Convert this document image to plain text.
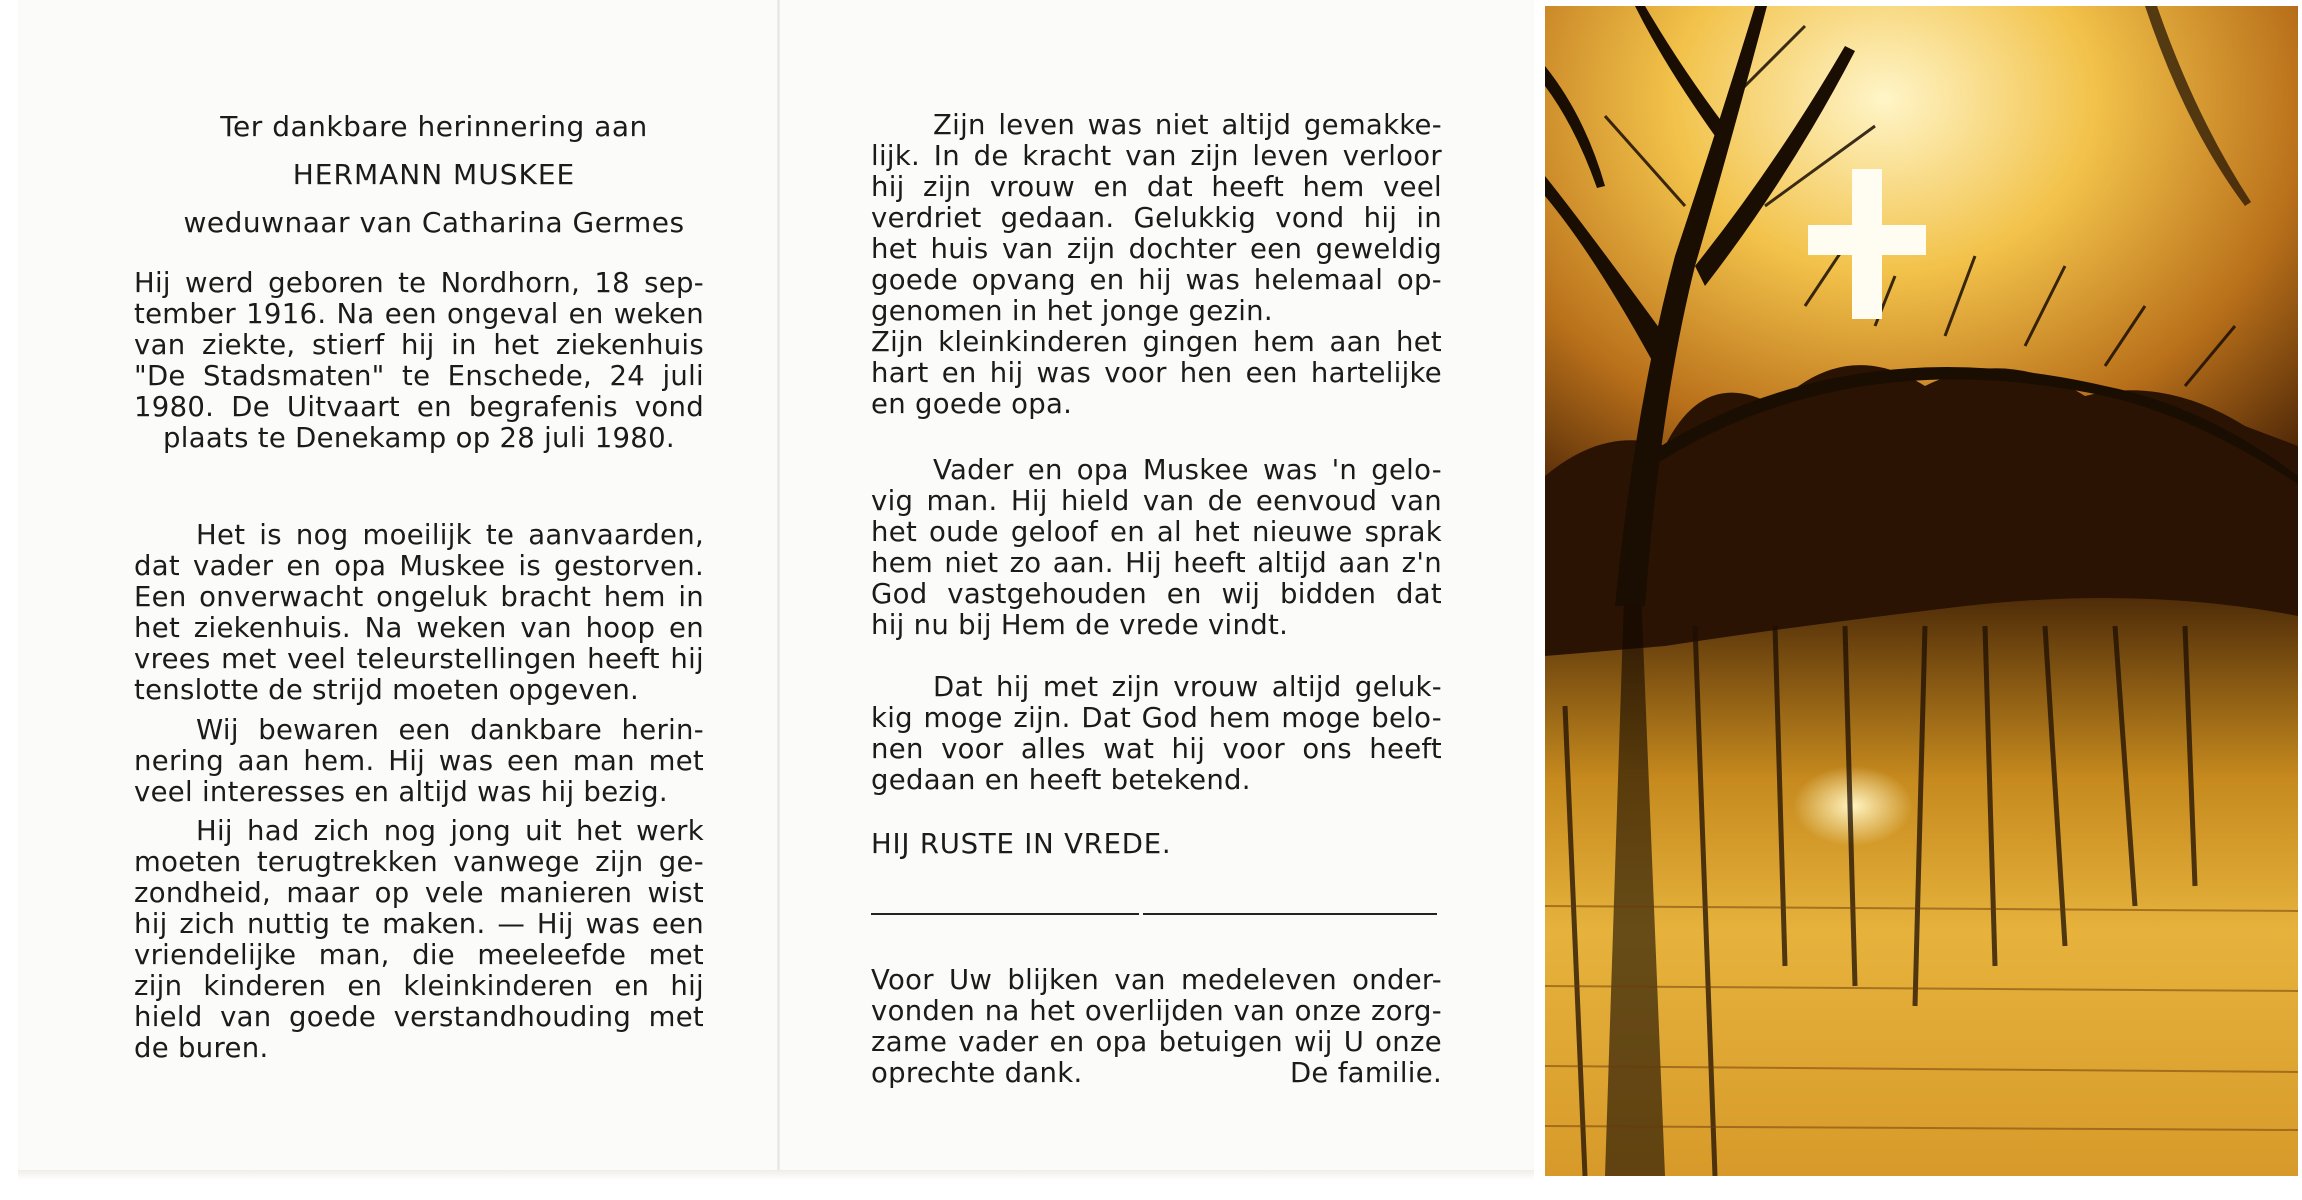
Ter dankbare herinnering aan
HERMANN MUSKEE
weduwnaar van Catharina Germes
Hij werd geboren te Nordhorn, 18 sep-
tember 1916. Na een ongeval en weken
van ziekte, stierf hij in het ziekenhuis
"De Stadsmaten" te Enschede, 24 juli
1980. De Uitvaart en begrafenis vond
plaats te Denekamp op 28 juli 1980.
Het is nog moeilijk te aanvaarden,
dat vader en opa Muskee is gestorven.
Een onverwacht ongeluk bracht hem in
het ziekenhuis. Na weken van hoop en
vrees met veel teleurstellingen heeft hij
tenslotte de strijd moeten opgeven.
Wij bewaren een dankbare herin-
nering aan hem. Hij was een man met
veel interesses en altijd was hij bezig.
Hij had zich nog jong uit het werk
moeten terugtrekken vanwege zijn ge-
zondheid, maar op vele manieren wist
hij zich nuttig te maken. — Hij was een
vriendelijke man, die meeleefde met
zijn kinderen en kleinkinderen en hij
hield van goede verstandhouding met
de buren.
Zijn leven was niet altijd gemakke-
lijk. In de kracht van zijn leven verloor
hij zijn vrouw en dat heeft hem veel
verdriet gedaan. Gelukkig vond hij in
het huis van zijn dochter een geweldig
goede opvang en hij was helemaal op-
genomen in het jonge gezin.
Zijn kleinkinderen gingen hem aan het
hart en hij was voor hen een hartelijke
en goede opa.
Vader en opa Muskee was 'n gelo-
vig man. Hij hield van de eenvoud van
het oude geloof en al het nieuwe sprak
hem niet zo aan. Hij heeft altijd aan z'n
God vastgehouden en wij bidden dat
hij nu bij Hem de vrede vindt.
Dat hij met zijn vrouw altijd geluk-
kig moge zijn. Dat God hem moge belo-
nen voor alles wat hij voor ons heeft
gedaan en heeft betekend.
HIJ RUSTE IN VREDE.
Voor Uw blijken van medeleven onder-
vonden na het overlijden van onze zorg-
zame vader en opa betuigen wij U onze
oprechte dank.	De familie.
